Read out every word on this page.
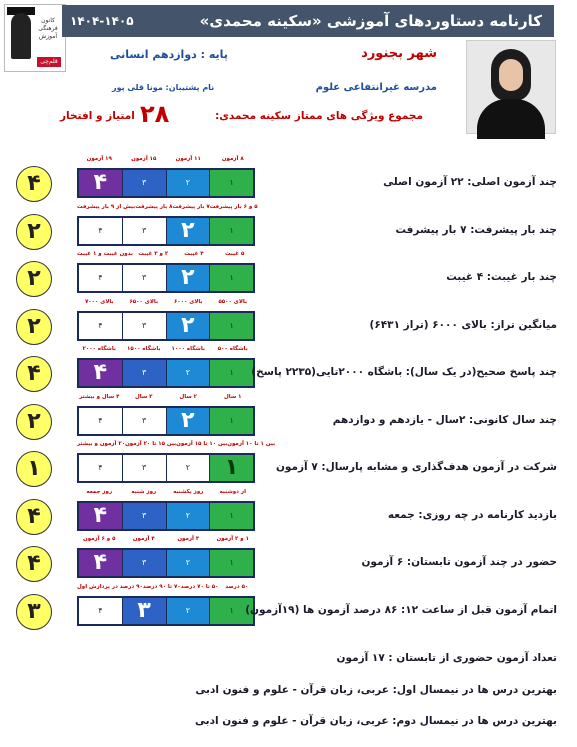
کانون فرهنگی آموزش
قلم‌چی
کارنامه دستاوردهای آموزشی «سکینه محمدی»
۱۴۰۴-۱۴۰۵
شهر بجنورد
پایه : دوازدهم انسانی
مدرسه غیرانتفاعی علوم
نام پشتیبان: مونا قلی پور
مجموع ویژگی های ممتاز سکینه محمدی:
۲۸
امتیاز و افتخار
۱۹ آزمون	۱۵ آزمون	۱۱ آزمون	۸ آزمون
۴	۳	۲	۱
۴	چند آزمون اصلی: ۲۲ آزمون اصلی
بیش از ۹ بار پیشرفت ۸ بار پیشرفت ۷ بار پیشرفت ۵ و ۶ بار پیشرفت
۴	۳	۲	۱
۲	چند بار پیشرفت: ۷ بار پیشرفت
بدون غیبت و ۱ غیبت ۲ و ۳ غیبت	۴ غیبت	۵ غیبت
۴	۳	۲	۱
۲	چند بار غیبت: ۴ غیبت
بالای ۷۰۰۰	بالای ۶۵۰۰	بالای ۶۰۰۰	بالای ۵۵۰۰
۴	۳	۲	۱
۲	میانگین تراز: بالای ۶۰۰۰ (تراز ۶۴۳۱)
باشگاه ۲۰۰۰	باشگاه ۱۵۰۰	باشگاه ۱۰۰۰	باشگاه ۵۰۰
۴	۳	۲	۱
۴	چند پاسخ صحیح(در یک سال): باشگاه ۲۰۰۰تایی(۲۲۳۵ پاسخ)
۴ سال و بیشتر	۳ سال	۲ سال	۱ سال
۴	۳	۲	۱
۲	چند سال کانونی: ۲سال - یازدهم و دوازدهم
۲۰ آزمون و بیشتر بین ۱۵ تا ۲۰ آزمون بین ۱۰ تا ۱۵ آزمون بین ۱ تا ۱۰ آزمون
۴	۳	۲	۱
۱	شرکت در آزمون هدف‌گذاری و مشابه پارسال: ۷ آزمون
روز جمعه	روز شنبه	روز یکشنبه	از دوشنبه
۴	۳	۲	۱
۴	بازدید کارنامه در چه روزی: جمعه
۵ و ۶ آزمون	۴ آزمون	۳ آزمون	۱ و ۲ آزمون
۴	۳	۲	۱
۴	حضور در چند آزمون تابستان: ۶ آزمون
۹۰ درصد در پردازش اول ۷۰ تا ۹۰ درصد ۵۰ تا ۷۰ درصد	۵۰ درصد
۴	۳	۲	۱
۳	اتمام آزمون قبل از ساعت ۱۲: ۸۶ درصد آزمون ها (۱۹آزمون)
تعداد آزمون حضوری از تابستان : ۱۷ آزمون
بهترین درس ها در نیمسال اول: عربی، زبان قرآن - علوم و فنون ادبی
بهترین درس ها در نیمسال دوم: عربی، زبان قرآن - علوم و فنون ادبی
